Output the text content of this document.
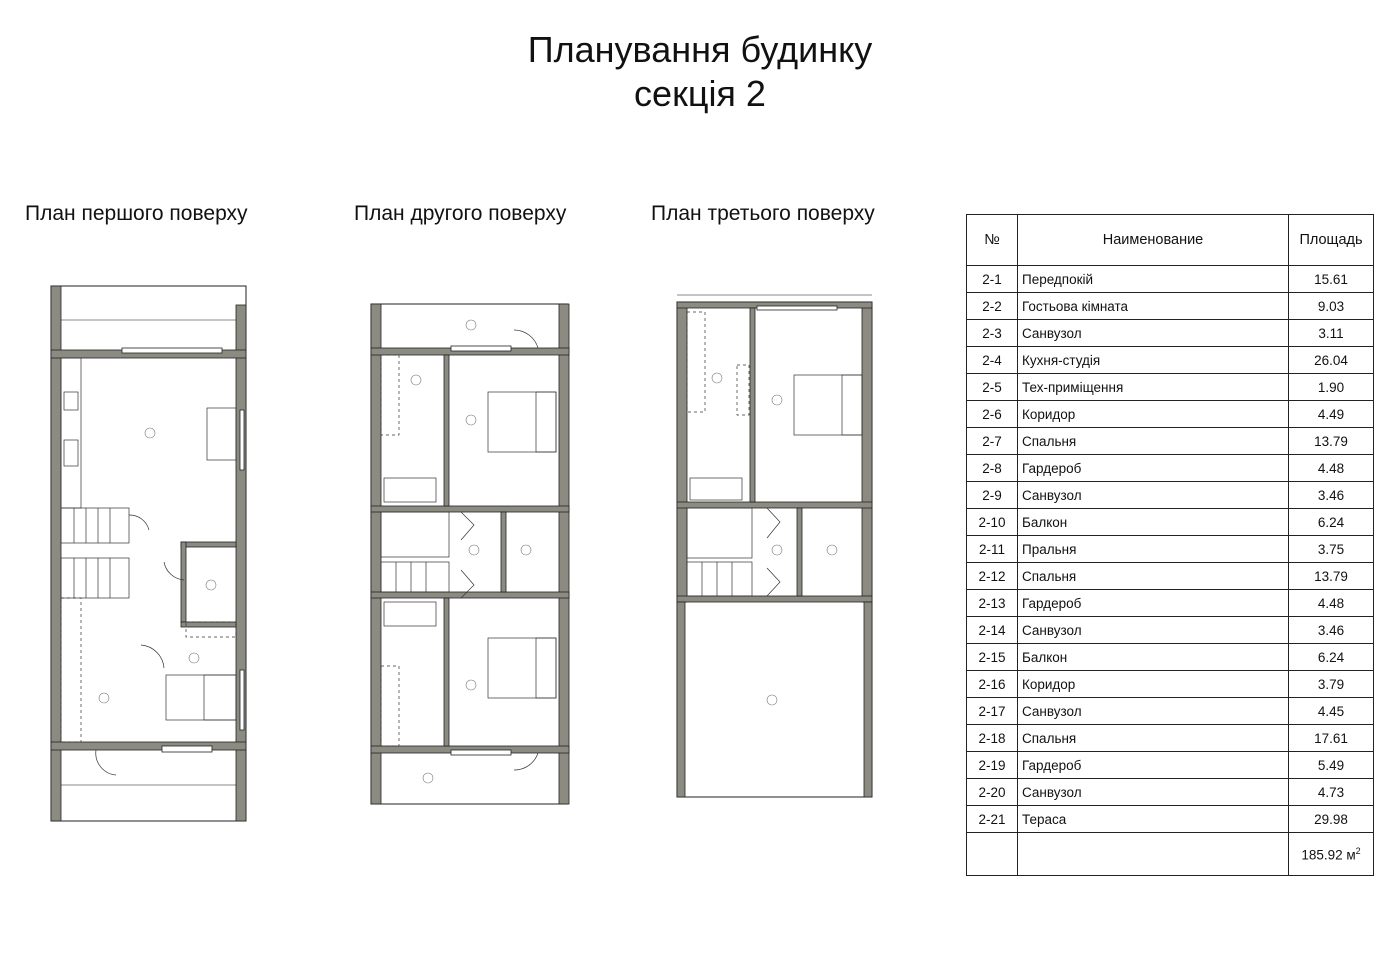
Планування будинку
секція 2
План першого поверху	План другого поверху	План третього поверху
№	Наименование	Площадь
2-1	Передпокій	15.61
2-2	Гостьова кімната	9.03
2-3	Санвузол	3.11
2-4	Кухня-студія	26.04
2-5	Тех-приміщення	1.90
2-6	Коридор	4.49
2-7	Спальня	13.79
2-8	Гардероб	4.48
2-9	Санвузол	3.46
2-10	Балкон	6.24
2-11	Пральня	3.75
2-12	Спальня	13.79
2-13	Гардероб	4.48
2-14	Санвузол	3.46
2-15	Балкон	6.24
2-16	Коридор	3.79
2-17	Санвузол	4.45
2-18	Спальня	17.61
2-19	Гардероб	5.49
2-20	Санвузол	4.73
2-21	Тераса	29.98
		185.92 $м^2$
